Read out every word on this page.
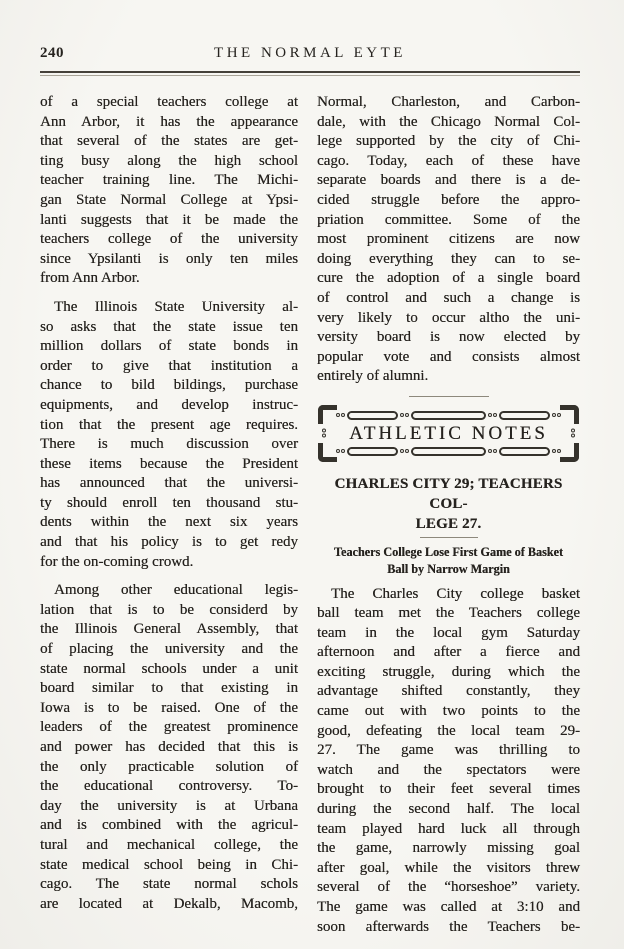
240	THE NORMAL EYTE
of a special teachers college at
Ann Arbor, it has the appearance
that several of the states are get-
ting busy along the high school
teacher training line. The Michi-
gan State Normal College at Ypsi-
lanti suggests that it be made the
teachers college of the university
since Ypsilanti is only ten miles
from Ann Arbor.
The Illinois State University al-
so asks that the state issue ten
million dollars of state bonds in
order to give that institution a
chance to bild bildings, purchase
equipments, and develop instruc-
tion that the present age requires.
There is much discussion over
these items because the President
has announced that the universi-
ty should enroll ten thousand stu-
dents within the next six years
and that his policy is to get redy
for the on-coming crowd.
Among other educational legis-
lation that is to be considerd by
the Illinois General Assembly, that
of placing the university and the
state normal schools under a unit
board similar to that existing in
Iowa is to be raised. One of the
leaders of the greatest prominence
and power has decided that this is
the only practicable solution of
the educational controversy. To-
day the university is at Urbana
and is combined with the agricul-
tural and mechanical college, the
state medical school being in Chi-
cago. The state normal schols
are located at Dekalb, Macomb,
Normal, Charleston, and Carbon-
dale, with the Chicago Normal Col-
lege supported by the city of Chi-
cago. Today, each of these have
separate boards and there is a de-
cided struggle before the appro-
priation committee. Some of the
most prominent citizens are now
doing everything they can to se-
cure the adoption of a single board
of control and such a change is
very likely to occur altho the uni-
versity board is now elected by
popular vote and consists almost
entirely of alumni.
ATHLETIC NOTES
CHARLES CITY 29; TEACHERS COL-
LEGE 27.
Teachers College Lose First Game of Basket
Ball by Narrow Margin
The Charles City college basket
ball team met the Teachers college
team in the local gym Saturday
afternoon and after a fierce and
exciting struggle, during which the
advantage shifted constantly, they
came out with two points to the
good, defeating the local team 29-
27. The game was thrilling to
watch and the spectators were
brought to their feet several times
during the second half. The local
team played hard luck all through
the game, narrowly missing goal
after goal, while the visitors threw
several of the “horseshoe” variety.
The game was called at 3:10 and
soon afterwards the Teachers be-
